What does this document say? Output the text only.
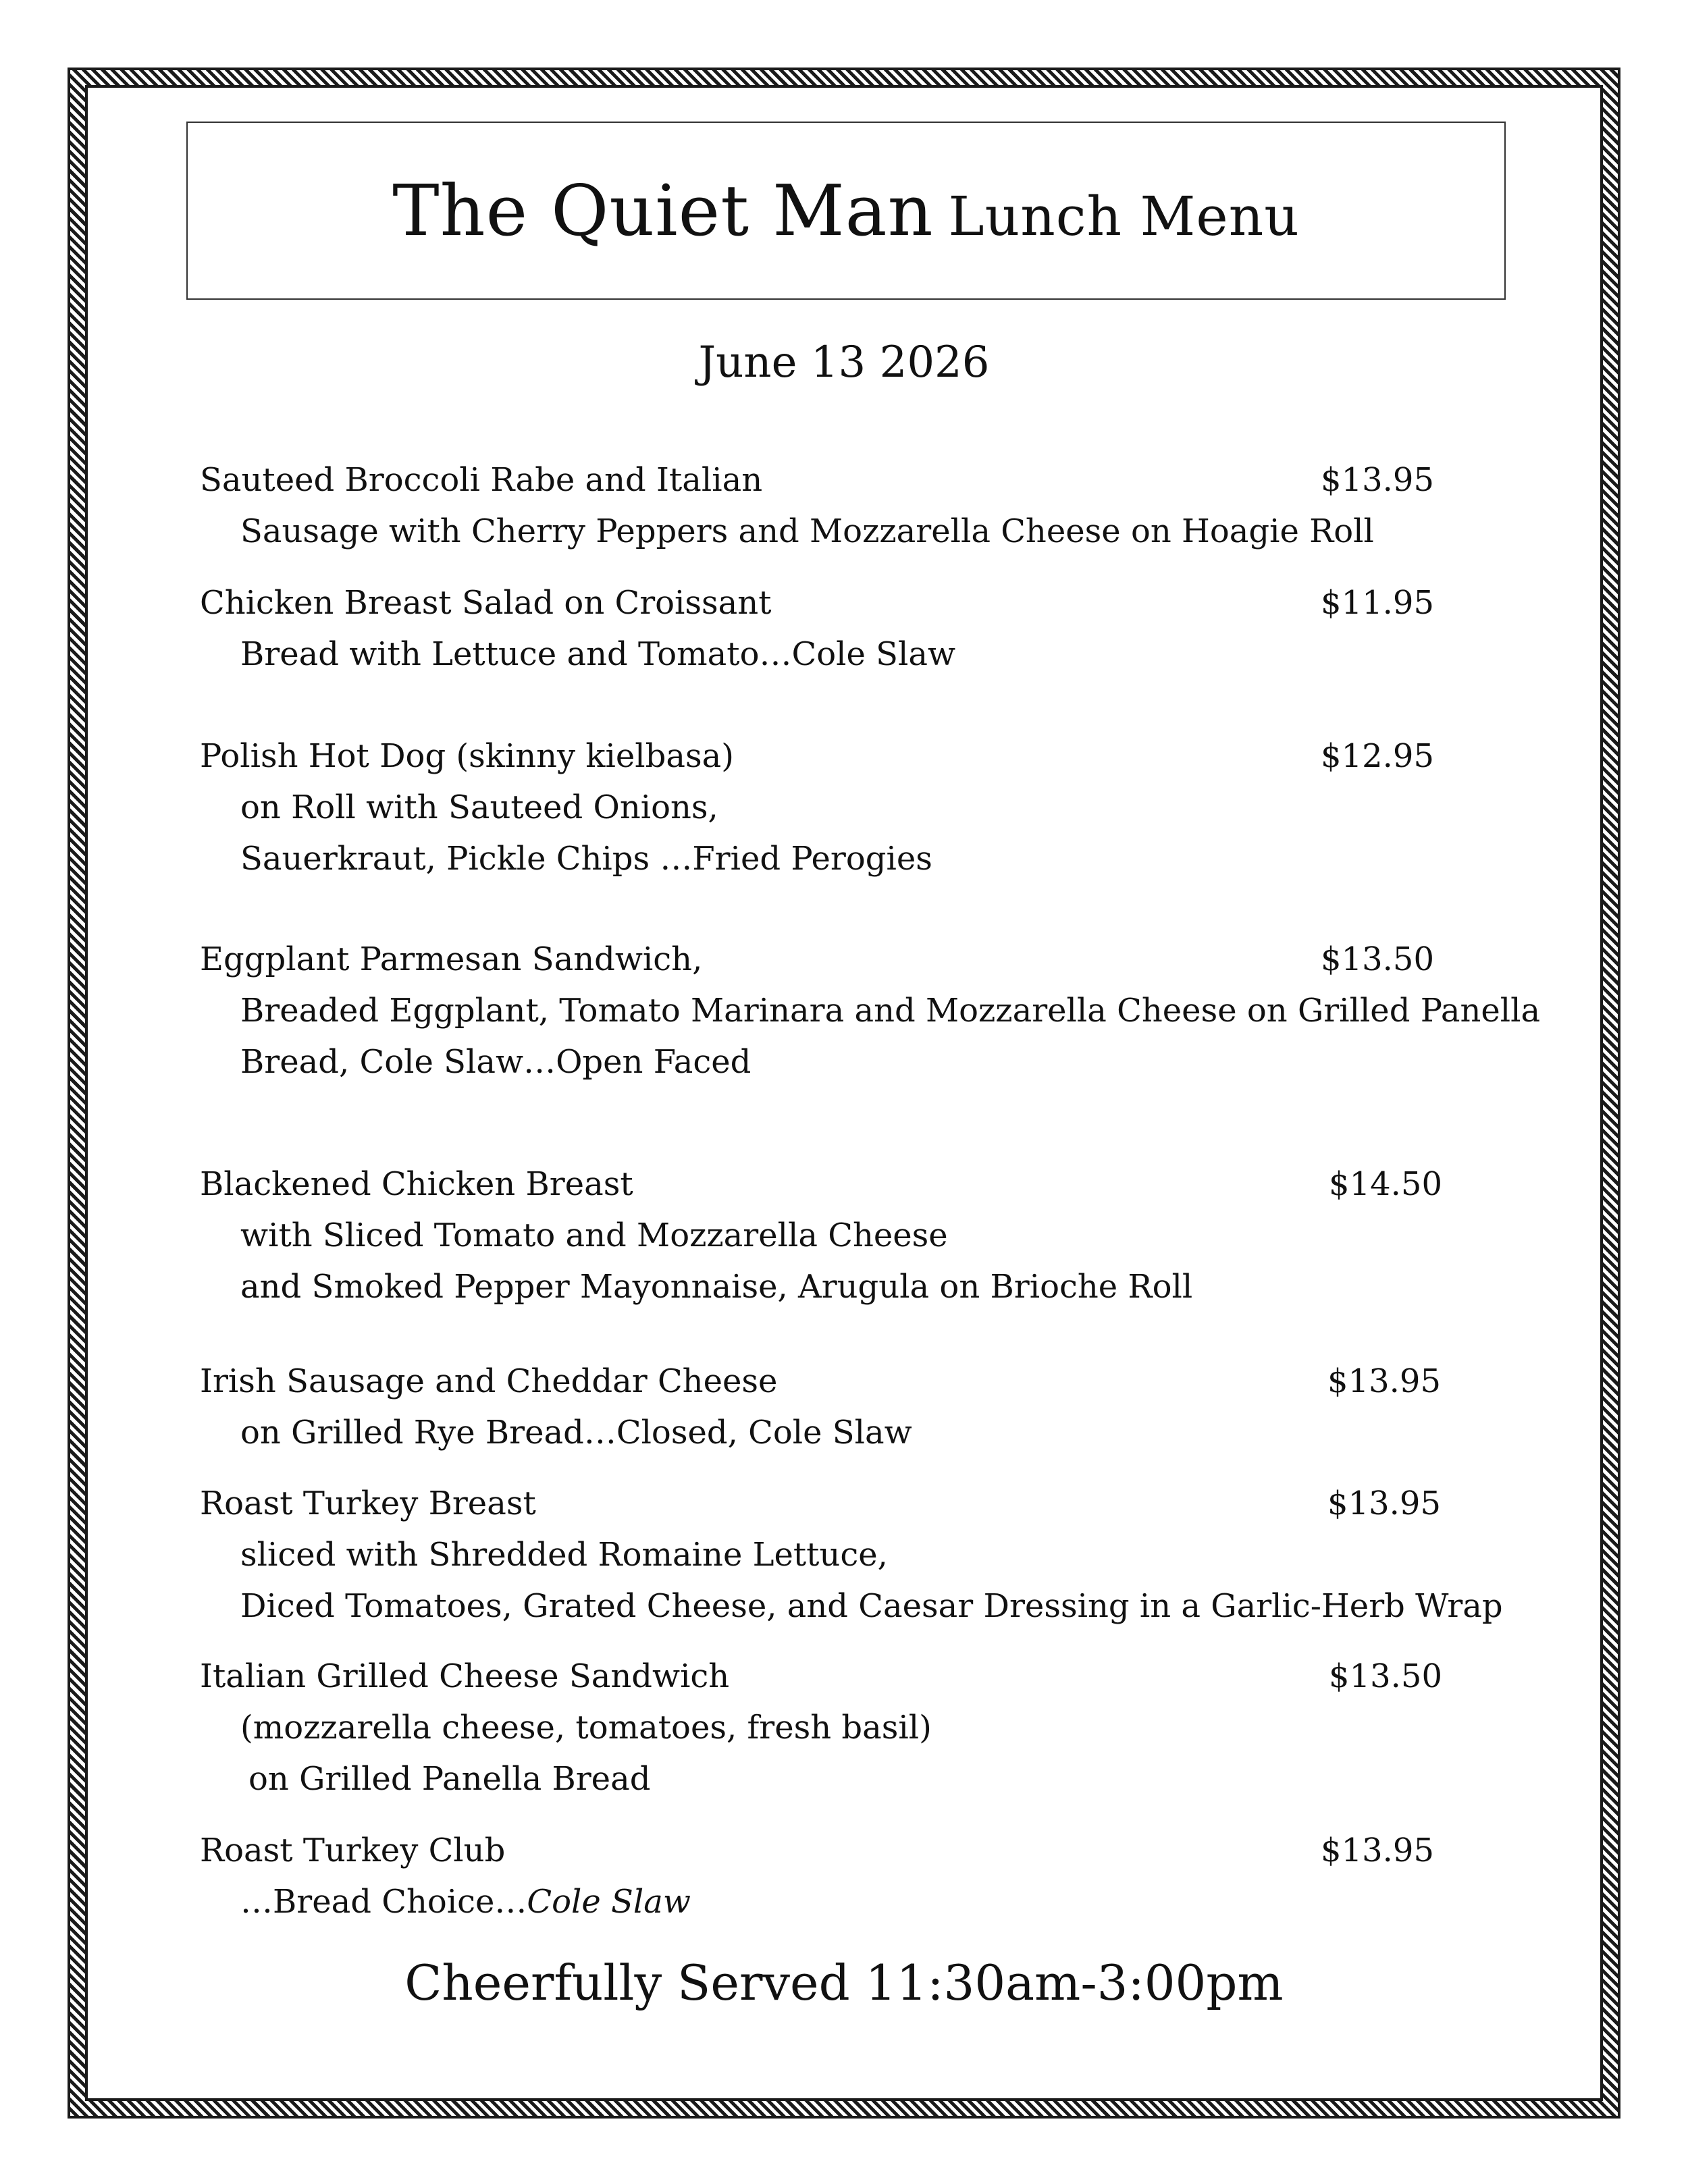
The Quiet Man Lunch Menu
June 13 2026
Sauteed Broccoli Rabe and Italian	$13.95
Sausage with Cherry Peppers and Mozzarella Cheese on Hoagie Roll
Chicken Breast Salad on Croissant	$11.95
Bread with Lettuce and Tomato…Cole Slaw
Polish Hot Dog (skinny kielbasa)	$12.95
on Roll with Sauteed Onions,
Sauerkraut, Pickle Chips …Fried Perogies
Eggplant Parmesan Sandwich,	$13.50
Breaded Eggplant, Tomato Marinara and Mozzarella Cheese on Grilled Panella
Bread, Cole Slaw…Open Faced
Blackened Chicken Breast	$14.50
with Sliced Tomato and Mozzarella Cheese
and Smoked Pepper Mayonnaise, Arugula on Brioche Roll
Irish Sausage and Cheddar Cheese	$13.95
on Grilled Rye Bread…Closed, Cole Slaw
Roast Turkey Breast	$13.95
sliced with Shredded Romaine Lettuce,
Diced Tomatoes, Grated Cheese, and Caesar Dressing in a Garlic-Herb Wrap
Italian Grilled Cheese Sandwich	$13.50
(mozzarella cheese, tomatoes, fresh basil)
on Grilled Panella Bread
Roast Turkey Club	$13.95
…Bread Choice…Cole Slaw
Cheerfully Served 11:30am-3:00pm
